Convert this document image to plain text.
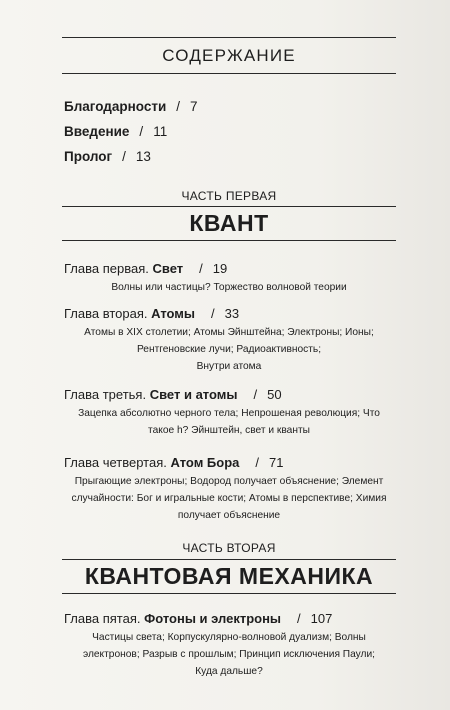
СОДЕРЖАНИЕ
Благодарности / 7
Введение / 11
Пролог / 13
ЧАСТЬ ПЕРВАЯ
КВАНТ
Глава первая. Свет / 19
Волны или частицы? Торжество волновой теории
Глава вторая. Атомы / 33
Атомы в XIX столетии; Атомы Эйнштейна; Электроны; Ионы;
Рентгеновские лучи; Радиоактивность;
Внутри атома
Глава третья. Свет и атомы / 50
Зацепка абсолютно черного тела; Непрошеная революция; Что
такое h? Эйнштейн, свет и кванты
Глава четвертая. Атом Бора / 71
Прыгающие электроны; Водород получает объяснение; Элемент
случайности: Бог и игральные кости; Атомы в перспективе; Химия
получает объяснение
ЧАСТЬ ВТОРАЯ
КВАНТОВАЯ МЕХАНИКА
Глава пятая. Фотоны и электроны / 107
Частицы света; Корпускулярно-волновой дуализм; Волны
электронов; Разрыв с прошлым; Принцип исключения Паули;
Куда дальше?
